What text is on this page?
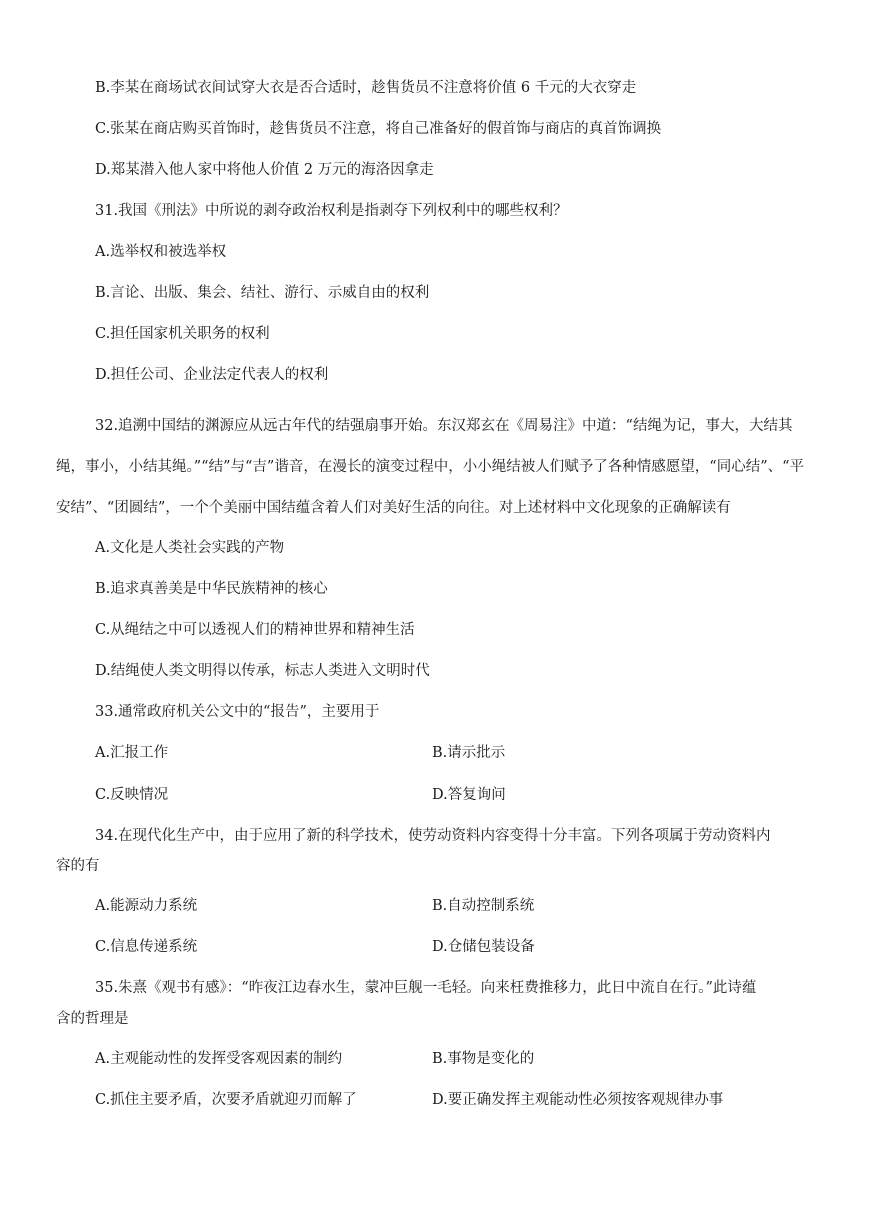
B.李某在商场试衣间试穿大衣是否合适时，趁售货员不注意将价值 6 千元的大衣穿走
C.张某在商店购买首饰时，趁售货员不注意，将自己准备好的假首饰与商店的真首饰调换
D.郑某潜入他人家中将他人价值 2 万元的海洛因拿走
31.我国《刑法》中所说的剥夺政治权利是指剥夺下列权利中的哪些权利？
A.选举权和被选举权
B.言论、出版、集会、结社、游行、示威自由的权利
C.担任国家机关职务的权利
D.担任公司、企业法定代表人的权利
32.追溯中国结的渊源应从远古年代的结强扇事开始。东汉郑玄在《周易注》中道：“结绳为记，事大，大结其绳，事小，小结其绳。”“结”与“吉”谐音，在漫长的演变过程中，小小绳结被人们赋予了各种情感愿望，“同心结”、“平安结”、“团圆结”，一个个美丽中国结蕴含着人们对美好生活的向往。对上述材料中文化现象的正确解读有
A.文化是人类社会实践的产物
B.追求真善美是中华民族精神的核心
C.从绳结之中可以透视人们的精神世界和精神生活
D.结绳使人类文明得以传承，标志人类进入文明时代
33.通常政府机关公文中的“报告”，主要用于
A.汇报工作	B.请示批示
C.反映情况	D.答复询问
34.在现代化生产中，由于应用了新的科学技术，使劳动资料内容变得十分丰富。下列各项属于劳动资料内
容的有
A.能源动力系统	B.自动控制系统
C.信息传递系统	D.仓储包装设备
35.朱熹《观书有感》：“昨夜江边春水生，蒙冲巨舰一毛轻。向来枉费推移力，此日中流自在行。”此诗蕴
含的哲理是
A.主观能动性的发挥受客观因素的制约	B.事物是变化的
C.抓住主要矛盾，次要矛盾就迎刃而解了	D.要正确发挥主观能动性必须按客观规律办事
